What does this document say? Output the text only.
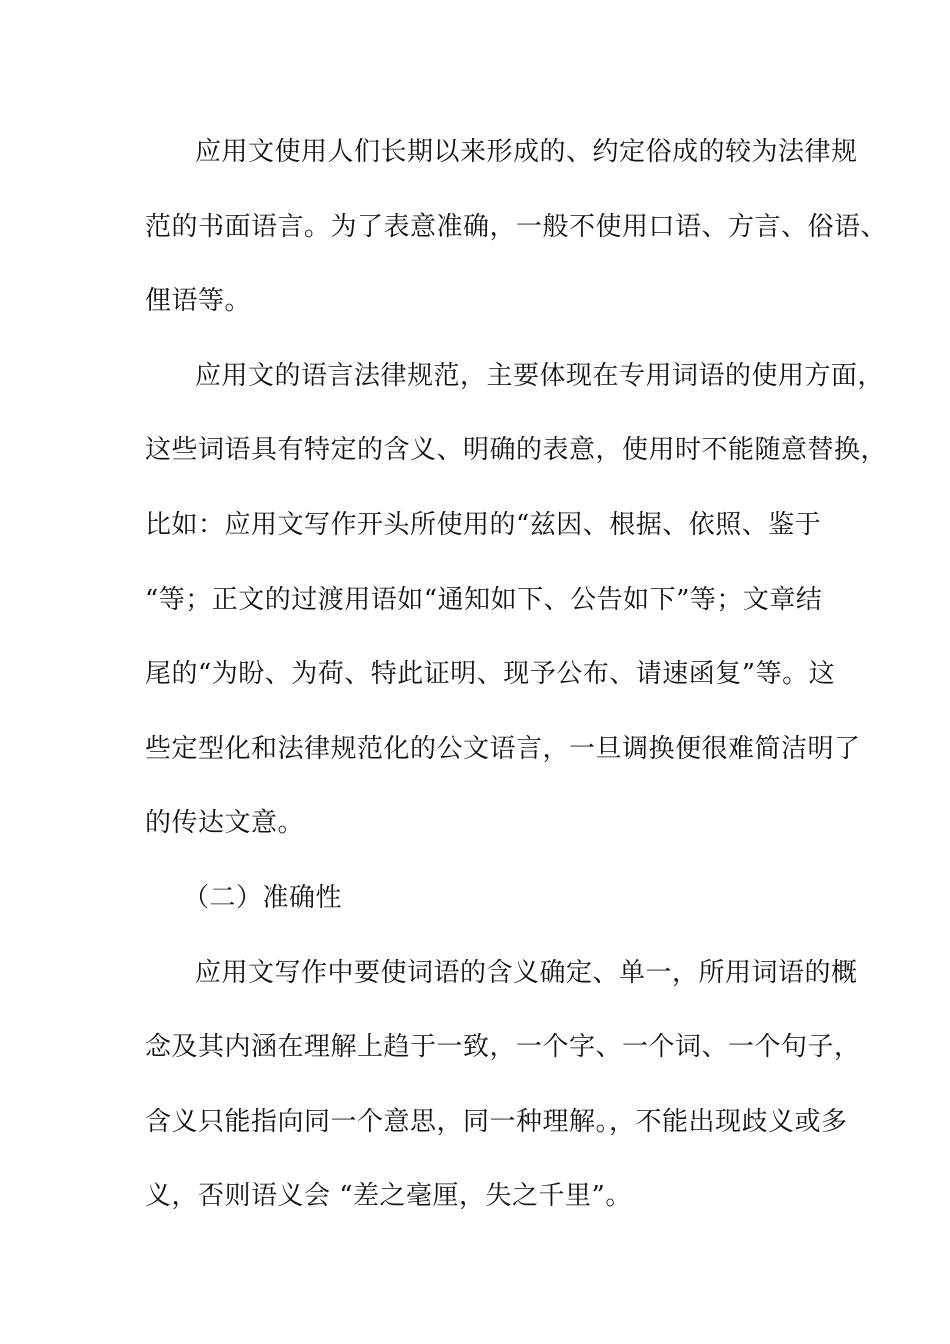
应用文使用人们长期以来形成的、约定俗成的较为法律规
范的书面语言。为了表意准确，一般不使用口语、方言、俗语、
俚语等。
应用文的语言法律规范，主要体现在专用词语的使用方面，
这些词语具有特定的含义、明确的表意，使用时不能随意替换，
比如：应用文写作开头所使用的“兹因、根据、依照、鉴于
“等；正文的过渡用语如“通知如下、公告如下”等；文章结
尾的“为盼、为荷、特此证明、现予公布、请速函复”等。这
些定型化和法律规范化的公文语言，一旦调换便很难简洁明了
的传达文意。
（二）准确性
应用文写作中要使词语的含义确定、单一，所用词语的概
念及其内涵在理解上趋于一致，一个字、一个词、一个句子，
含义只能指向同一个意思，同一种理解。，不能出现歧义或多
义，否则语义会 “差之毫厘，失之千里”。
